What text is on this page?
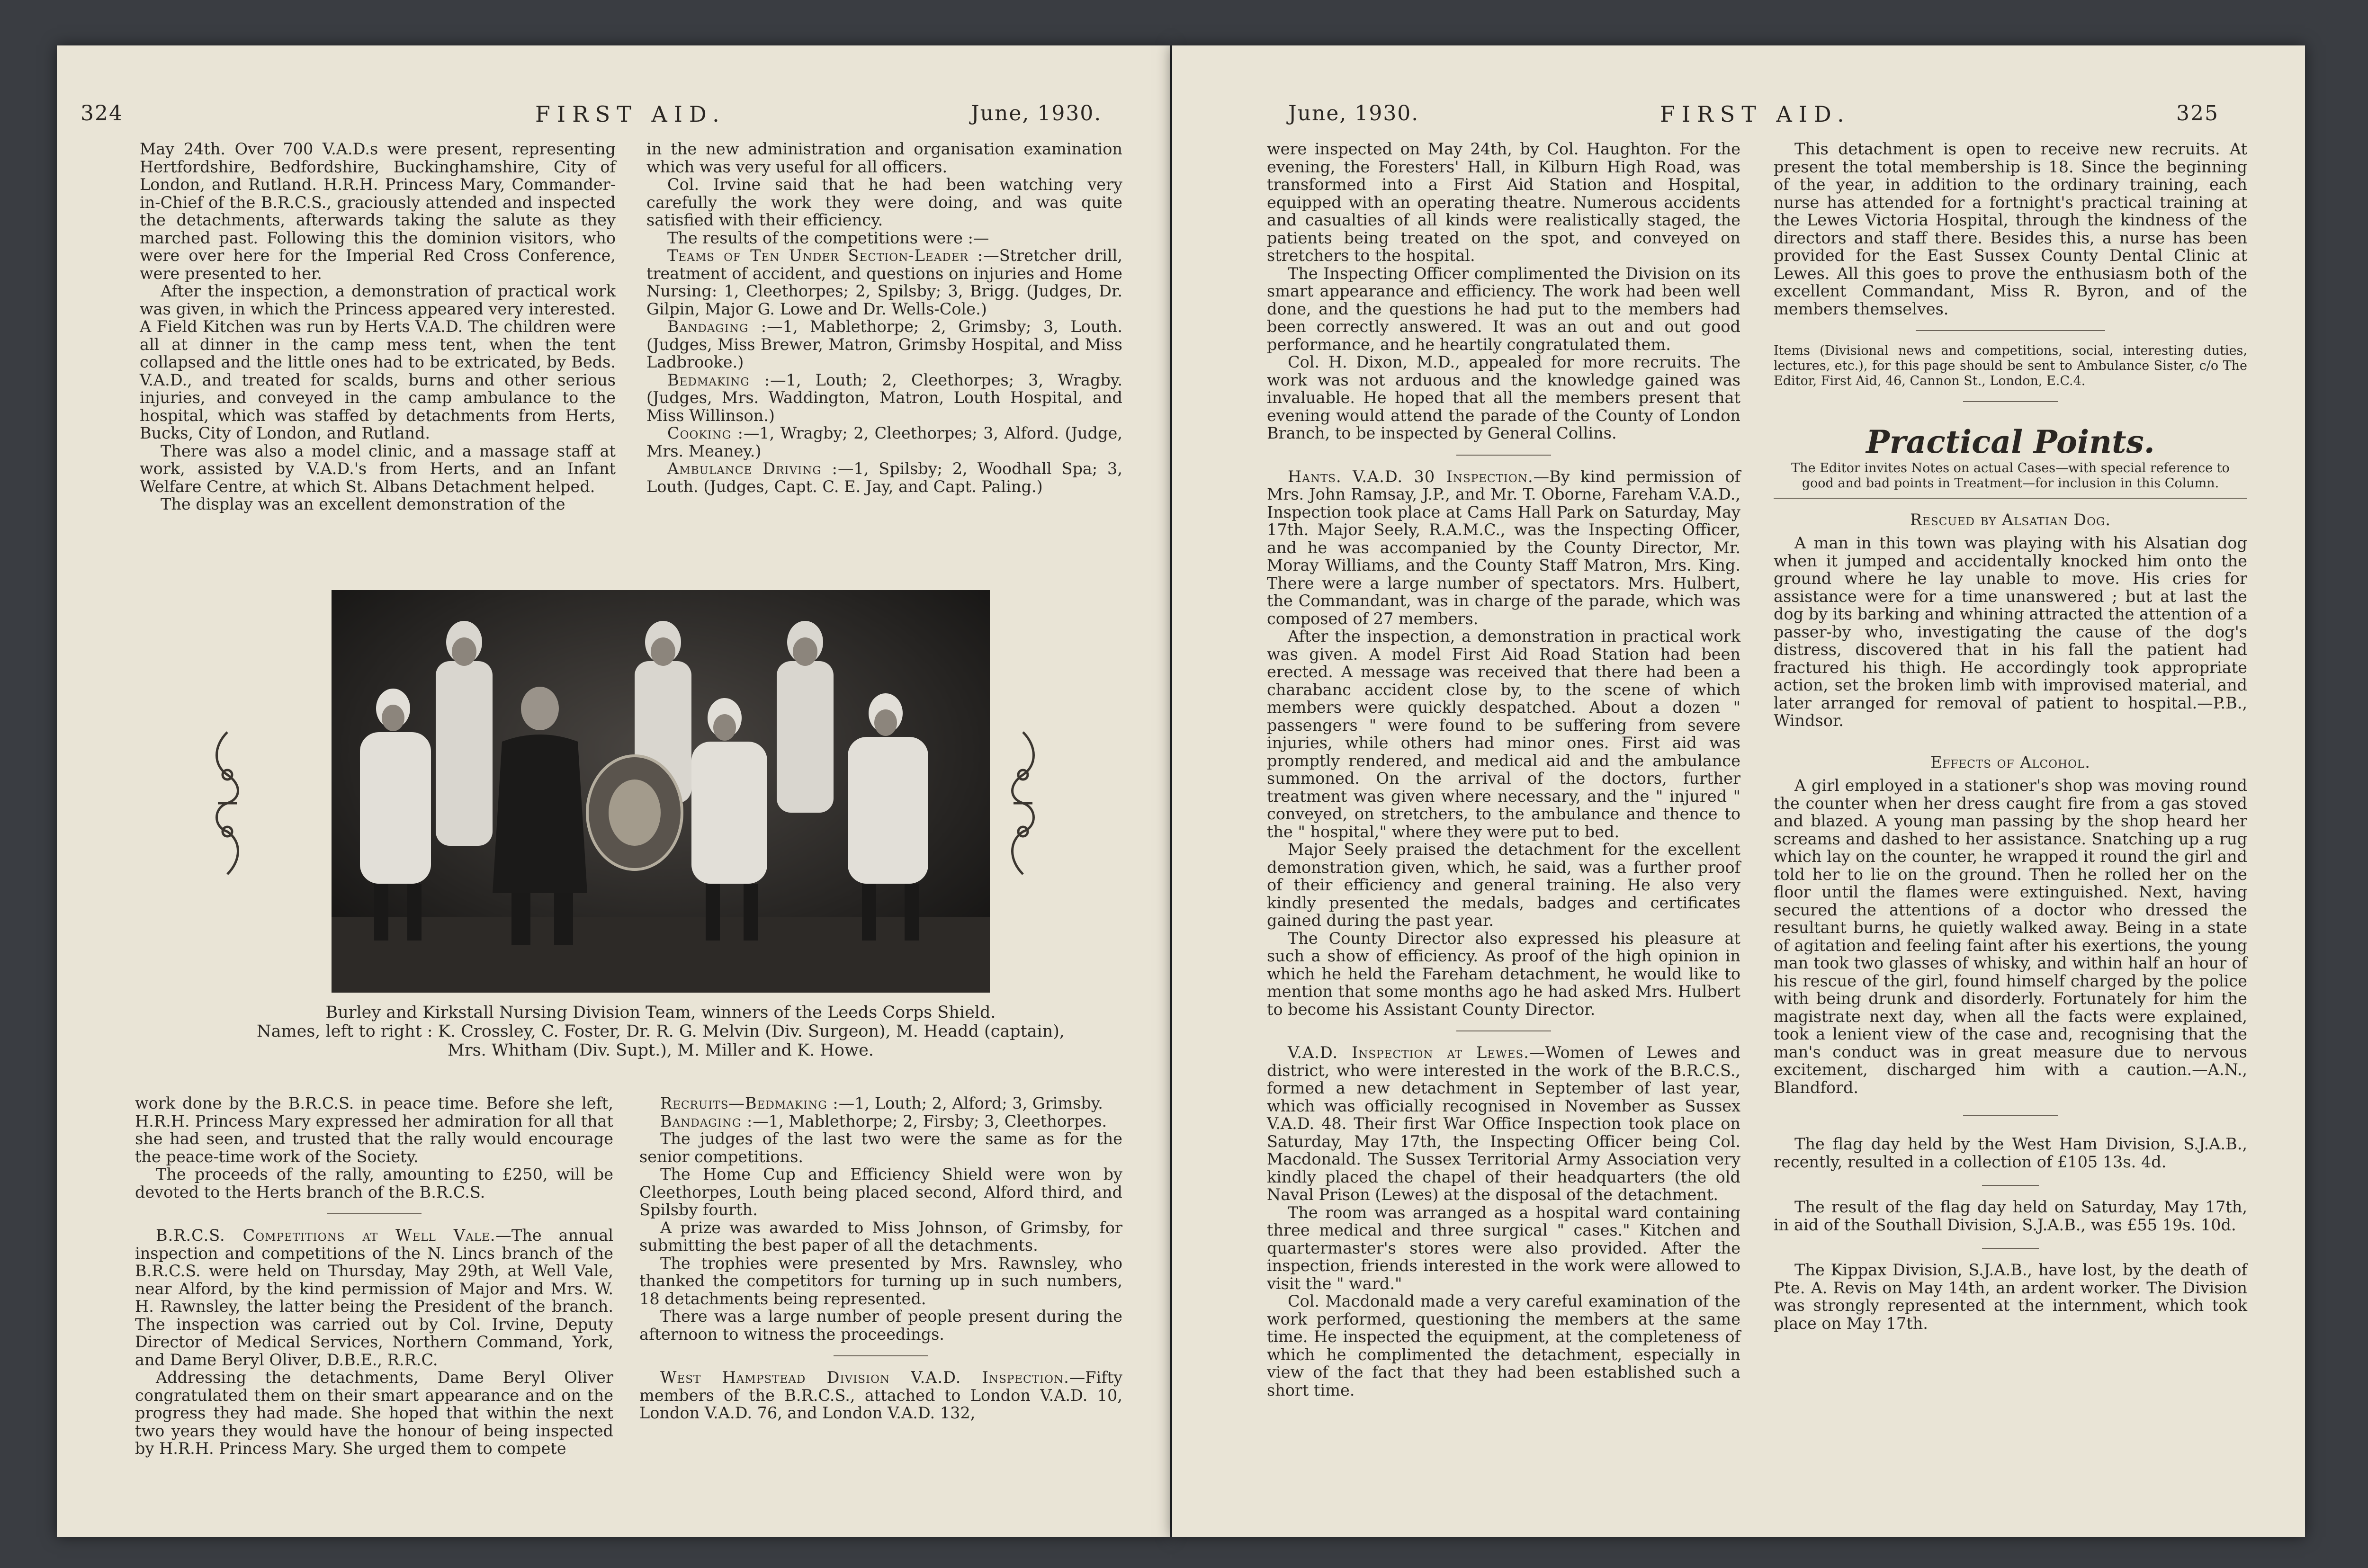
324	FIRST AID.	June, 1930.

May 24th. Over 700 V.A.D.s were present, representing Hertfordshire, Bedfordshire, Buckinghamshire, City of London, and Rutland. H.R.H. Princess Mary, Commander-in-Chief of the B.R.C.S., graciously attended and inspected the detachments, afterwards taking the salute as they marched past. Following this the dominion visitors, who were over here for the Imperial Red Cross Conference, were presented to her.

After the inspection, a demonstration of practical work was given, in which the Princess appeared very interested. A Field Kitchen was run by Herts V.A.D. The children were all at dinner in the camp mess tent, when the tent collapsed and the little ones had to be extricated, by Beds. V.A.D., and treated for scalds, burns and other serious injuries, and conveyed in the camp ambulance to the hospital, which was staffed by detachments from Herts, Bucks, City of London, and Rutland.

There was also a model clinic, and a massage staff at work, assisted by V.A.D.'s from Herts, and an Infant Welfare Centre, at which St. Albans Detachment helped.

The display was an excellent demonstration of the

in the new administration and organisation examination which was very useful for all officers.

Col. Irvine said that he had been watching very carefully the work they were doing, and was quite satisfied with their efficiency.

The results of the competitions were :—

Teams of Ten Under Section-Leader :—Stretcher drill, treatment of accident, and questions on injuries and Home Nursing: 1, Cleethorpes; 2, Spilsby; 3, Brigg. (Judges, Dr. Gilpin, Major G. Lowe and Dr. Wells-Cole.)

Bandaging :—1, Mablethorpe; 2, Grimsby; 3, Louth. (Judges, Miss Brewer, Matron, Grimsby Hospital, and Miss Ladbrooke.)

Bedmaking :—1, Louth; 2, Cleethorpes; 3, Wragby. (Judges, Mrs. Waddington, Matron, Louth Hospital, and Miss Willinson.)

Cooking :—1, Wragby; 2, Cleethorpes; 3, Alford. (Judge, Mrs. Meaney.)

Ambulance Driving :—1, Spilsby; 2, Woodhall Spa; 3, Louth. (Judges, Capt. C. E. Jay, and Capt. Paling.)

Burley and Kirkstall Nursing Division Team, winners of the Leeds Corps Shield.
Names, left to right : K. Crossley, C. Foster, Dr. R. G. Melvin (Div. Surgeon), M. Headd (captain),
Mrs. Whitham (Div. Supt.), M. Miller and K. Howe.

work done by the B.R.C.S. in peace time. Before she left, H.R.H. Princess Mary expressed her admiration for all that she had seen, and trusted that the rally would encourage the peace-time work of the Society.

The proceeds of the rally, amounting to £250, will be devoted to the Herts branch of the B.R.C.S.

B.R.C.S. Competitions at Well Vale.—The annual inspection and competitions of the N. Lincs branch of the B.R.C.S. were held on Thursday, May 29th, at Well Vale, near Alford, by the kind permission of Major and Mrs. W. H. Rawnsley, the latter being the President of the branch. The inspection was carried out by Col. Irvine, Deputy Director of Medical Services, Northern Command, York, and Dame Beryl Oliver, D.B.E., R.R.C.

Addressing the detachments, Dame Beryl Oliver congratulated them on their smart appearance and on the progress they had made. She hoped that within the next two years they would have the honour of being inspected by H.R.H. Princess Mary. She urged them to compete

Recruits—Bedmaking :—1, Louth; 2, Alford; 3, Grimsby.

Bandaging :—1, Mablethorpe; 2, Firsby; 3, Cleethorpes.

The judges of the last two were the same as for the senior competitions.

The Home Cup and Efficiency Shield were won by Cleethorpes, Louth being placed second, Alford third, and Spilsby fourth.

A prize was awarded to Miss Johnson, of Grimsby, for submitting the best paper of all the detachments.

The trophies were presented by Mrs. Rawnsley, who thanked the competitors for turning up in such numbers, 18 detachments being represented.

There was a large number of people present during the afternoon to witness the proceedings.

West Hampstead Division V.A.D. Inspection.—Fifty members of the B.R.C.S., attached to London V.A.D. 10, London V.A.D. 76, and London V.A.D. 132,

June, 1930.	FIRST AID.	325

were inspected on May 24th, by Col. Haughton. For the evening, the Foresters' Hall, in Kilburn High Road, was transformed into a First Aid Station and Hospital, equipped with an operating theatre. Numerous accidents and casualties of all kinds were realistically staged, the patients being treated on the spot, and conveyed on stretchers to the hospital.

The Inspecting Officer complimented the Division on its smart appearance and efficiency. The work had been well done, and the questions he had put to the members had been correctly answered. It was an out and out good performance, and he heartily congratulated them.

Col. H. Dixon, M.D., appealed for more recruits. The work was not arduous and the knowledge gained was invaluable. He hoped that all the members present that evening would attend the parade of the County of London Branch, to be inspected by General Collins.

Hants. V.A.D. 30 Inspection.—By kind permission of Mrs. John Ramsay, J.P., and Mr. T. Oborne, Fareham V.A.D., Inspection took place at Cams Hall Park on Saturday, May 17th. Major Seely, R.A.M.C., was the Inspecting Officer, and he was accompanied by the County Director, Mr. Moray Williams, and the County Staff Matron, Mrs. King. There were a large number of spectators. Mrs. Hulbert, the Commandant, was in charge of the parade, which was composed of 27 members.

After the inspection, a demonstration in practical work was given. A model First Aid Road Station had been erected. A message was received that there had been a charabanc accident close by, to the scene of which members were quickly despatched. About a dozen " passengers " were found to be suffering from severe injuries, while others had minor ones. First aid was promptly rendered, and medical aid and the ambulance summoned. On the arrival of the doctors, further treatment was given where necessary, and the " injured " conveyed, on stretchers, to the ambulance and thence to the " hospital," where they were put to bed.

Major Seely praised the detachment for the excellent demonstration given, which, he said, was a further proof of their efficiency and general training. He also very kindly presented the medals, badges and certificates gained during the past year.

The County Director also expressed his pleasure at such a show of efficiency. As proof of the high opinion in which he held the Fareham detachment, he would like to mention that some months ago he had asked Mrs. Hulbert to become his Assistant County Director.

V.A.D. Inspection at Lewes.—Women of Lewes and district, who were interested in the work of the B.R.C.S., formed a new detachment in September of last year, which was officially recognised in November as Sussex V.A.D. 48. Their first War Office Inspection took place on Saturday, May 17th, the Inspecting Officer being Col. Macdonald. The Sussex Territorial Army Association very kindly placed the chapel of their headquarters (the old Naval Prison (Lewes) at the disposal of the detachment.

The room was arranged as a hospital ward containing three medical and three surgical " cases." Kitchen and quartermaster's stores were also provided. After the inspection, friends interested in the work were allowed to visit the " ward."

Col. Macdonald made a very careful examination of the work performed, questioning the members at the same time. He inspected the equipment, at the completeness of which he complimented the detachment, especially in view of the fact that they had been established such a short time.

This detachment is open to receive new recruits. At present the total membership is 18. Since the beginning of the year, in addition to the ordinary training, each nurse has attended for a fortnight's practical training at the Lewes Victoria Hospital, through the kindness of the directors and staff there. Besides this, a nurse has been provided for the East Sussex County Dental Clinic at Lewes. All this goes to prove the enthusiasm both of the excellent Commandant, Miss R. Byron, and of the members themselves.

Items (Divisional news and competitions, social, interesting duties, lectures, etc.), for this page should be sent to Ambulance Sister, c/o The Editor, First Aid, 46, Cannon St., London, E.C.4.

Practical Points.

The Editor invites Notes on actual Cases—with special reference to good and bad points in Treatment—for inclusion in this Column.

Rescued by Alsatian Dog.

A man in this town was playing with his Alsatian dog when it jumped and accidentally knocked him onto the ground where he lay unable to move. His cries for assistance were for a time unanswered ; but at last the dog by its barking and whining attracted the attention of a passer-by who, investigating the cause of the dog's distress, discovered that in his fall the patient had fractured his thigh. He accordingly took appropriate action, set the broken limb with improvised material, and later arranged for removal of patient to hospital.—P.B., Windsor.

Effects of Alcohol.

A girl employed in a stationer's shop was moving round the counter when her dress caught fire from a gas stoved and blazed. A young man passing by the shop heard her screams and dashed to her assistance. Snatching up a rug which lay on the counter, he wrapped it round the girl and told her to lie on the ground. Then he rolled her on the floor until the flames were extinguished. Next, having secured the attentions of a doctor who dressed the resultant burns, he quietly walked away. Being in a state of agitation and feeling faint after his exertions, the young man took two glasses of whisky, and within half an hour of his rescue of the girl, found himself charged by the police with being drunk and disorderly. Fortunately for him the magistrate next day, when all the facts were explained, took a lenient view of the case and, recognising that the man's conduct was in great measure due to nervous excitement, discharged him with a caution.—A.N., Blandford.

The flag day held by the West Ham Division, S.J.A.B., recently, resulted in a collection of £105 13s. 4d.

The result of the flag day held on Saturday, May 17th, in aid of the Southall Division, S.J.A.B., was £55 19s. 10d.

The Kippax Division, S.J.A.B., have lost, by the death of Pte. A. Revis on May 14th, an ardent worker. The Division was strongly represented at the internment, which took place on May 17th.
